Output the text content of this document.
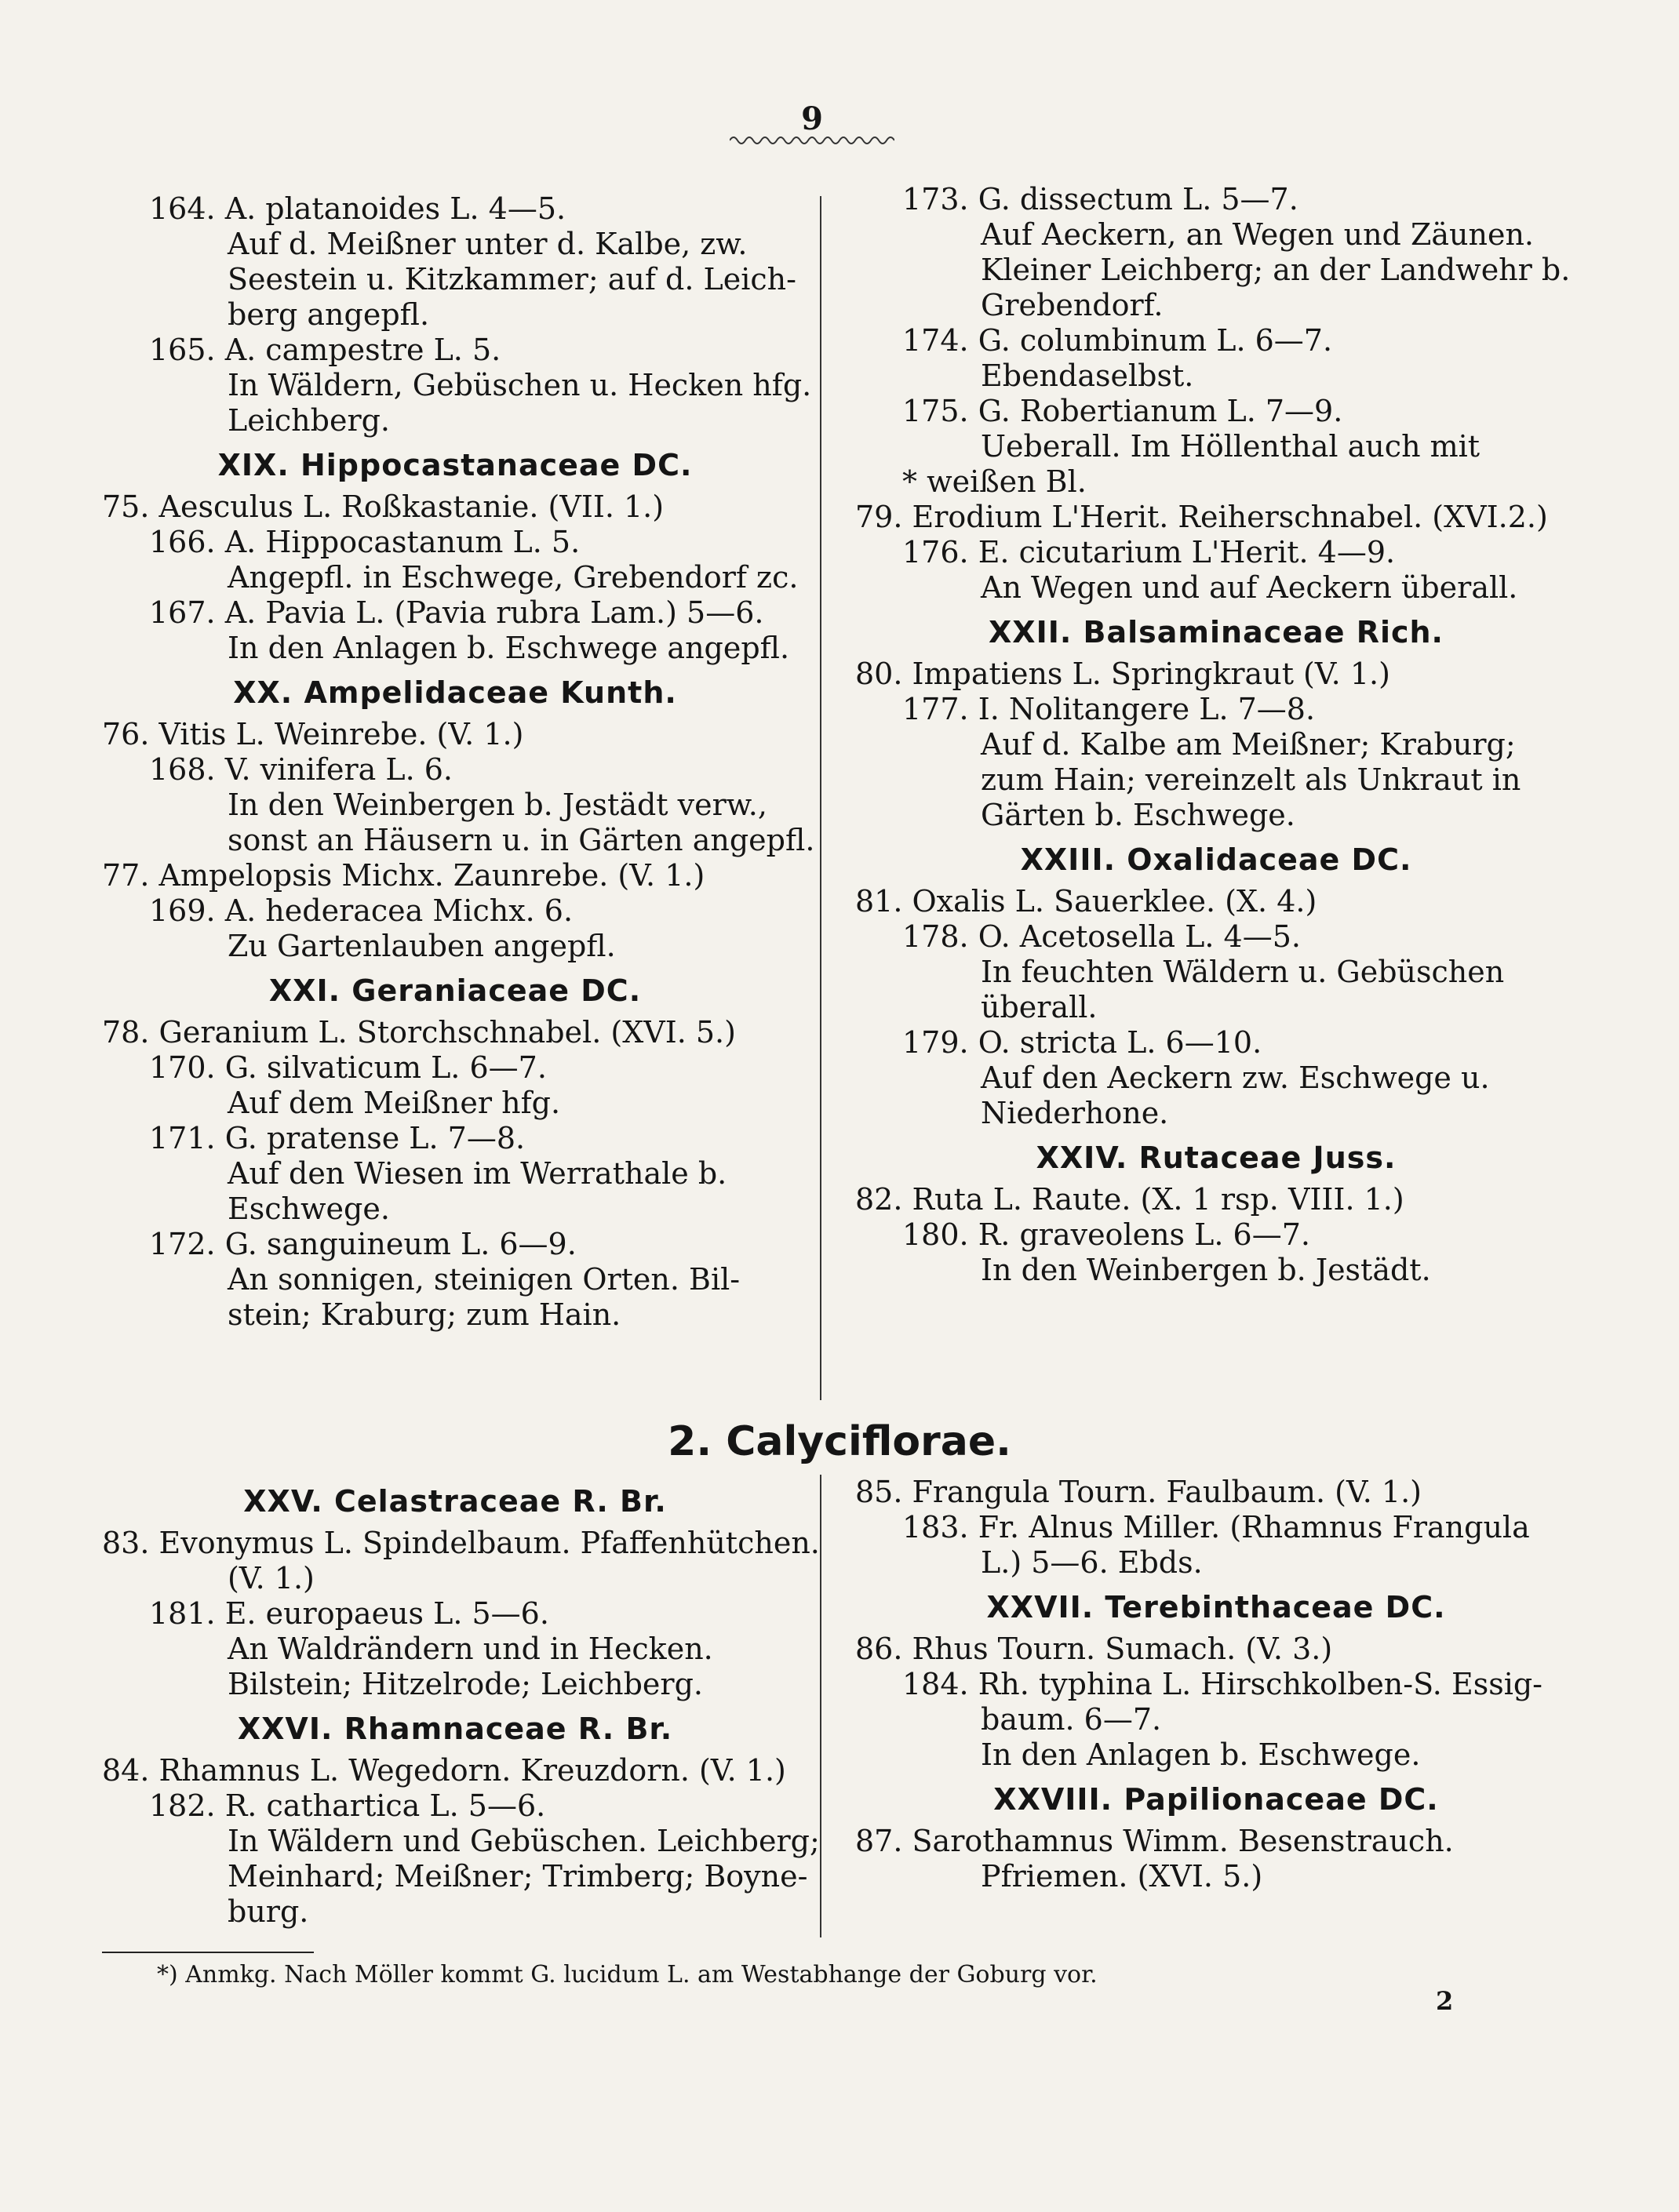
9
164. A. platanoides L. 4—5.
Auf d. Meißner unter d. Kalbe, zw.
Seestein u. Kitzkammer; auf d. Leich-
berg angepfl.
165. A. campestre L. 5.
In Wäldern, Gebüschen u. Hecken hfg.
Leichberg.
XIX. Hippocastanaceae DC.
75. Aesculus L. Roßkastanie. (VII. 1.)
166. A. Hippocastanum L. 5.
Angepfl. in Eschwege, Grebendorf zc.
167. A. Pavia L. (Pavia rubra Lam.) 5—6.
In den Anlagen b. Eschwege angepfl.
XX. Ampelidaceae Kunth.
76. Vitis L. Weinrebe. (V. 1.)
168. V. vinifera L. 6.
In den Weinbergen b. Jestädt verw.,
sonst an Häusern u. in Gärten angepfl.
77. Ampelopsis Michx. Zaunrebe. (V. 1.)
169. A. hederacea Michx. 6.
Zu Gartenlauben angepfl.
XXI. Geraniaceae DC.
78. Geranium L. Storchschnabel. (XVI. 5.)
170. G. silvaticum L. 6—7.
Auf dem Meißner hfg.
171. G. pratense L. 7—8.
Auf den Wiesen im Werrathale b.
Eschwege.
172. G. sanguineum L. 6—9.
An sonnigen, steinigen Orten. Bil-
stein; Kraburg; zum Hain.
173. G. dissectum L. 5—7.
Auf Aeckern, an Wegen und Zäunen.
Kleiner Leichberg; an der Landwehr b.
Grebendorf.
174. G. columbinum L. 6—7.
Ebendaselbst.
175. G. Robertianum L. 7—9.
Ueberall. Im Höllenthal auch mit
* weißen Bl.
79. Erodium L'Herit. Reiherschnabel. (XVI.2.)
176. E. cicutarium L'Herit. 4—9.
An Wegen und auf Aeckern überall.
XXII. Balsaminaceae Rich.
80. Impatiens L. Springkraut (V. 1.)
177. I. Nolitangere L. 7—8.
Auf d. Kalbe am Meißner; Kraburg;
zum Hain; vereinzelt als Unkraut in
Gärten b. Eschwege.
XXIII. Oxalidaceae DC.
81. Oxalis L. Sauerklee. (X. 4.)
178. O. Acetosella L. 4—5.
In feuchten Wäldern u. Gebüschen
überall.
179. O. stricta L. 6—10.
Auf den Aeckern zw. Eschwege u.
Niederhone.
XXIV. Rutaceae Juss.
82. Ruta L. Raute. (X. 1 rsp. VIII. 1.)
180. R. graveolens L. 6—7.
In den Weinbergen b. Jestädt.
2. Calyciflorae.
XXV. Celastraceae R. Br.
83. Evonymus L. Spindelbaum. Pfaffenhütchen.
(V. 1.)
181. E. europaeus L. 5—6.
An Waldrändern und in Hecken.
Bilstein; Hitzelrode; Leichberg.
XXVI. Rhamnaceae R. Br.
84. Rhamnus L. Wegedorn. Kreuzdorn. (V. 1.)
182. R. cathartica L. 5—6.
In Wäldern und Gebüschen. Leichberg;
Meinhard; Meißner; Trimberg; Boyne-
burg.
85. Frangula Tourn. Faulbaum. (V. 1.)
183. Fr. Alnus Miller. (Rhamnus Frangula
L.) 5—6. Ebds.
XXVII. Terebinthaceae DC.
86. Rhus Tourn. Sumach. (V. 3.)
184. Rh. typhina L. Hirschkolben-S. Essig-
baum. 6—7.
In den Anlagen b. Eschwege.
XXVIII. Papilionaceae DC.
87. Sarothamnus Wimm. Besenstrauch.
Pfriemen. (XVI. 5.)
*) Anmkg. Nach Möller kommt G. lucidum L. am Westabhange der Goburg vor.
2
